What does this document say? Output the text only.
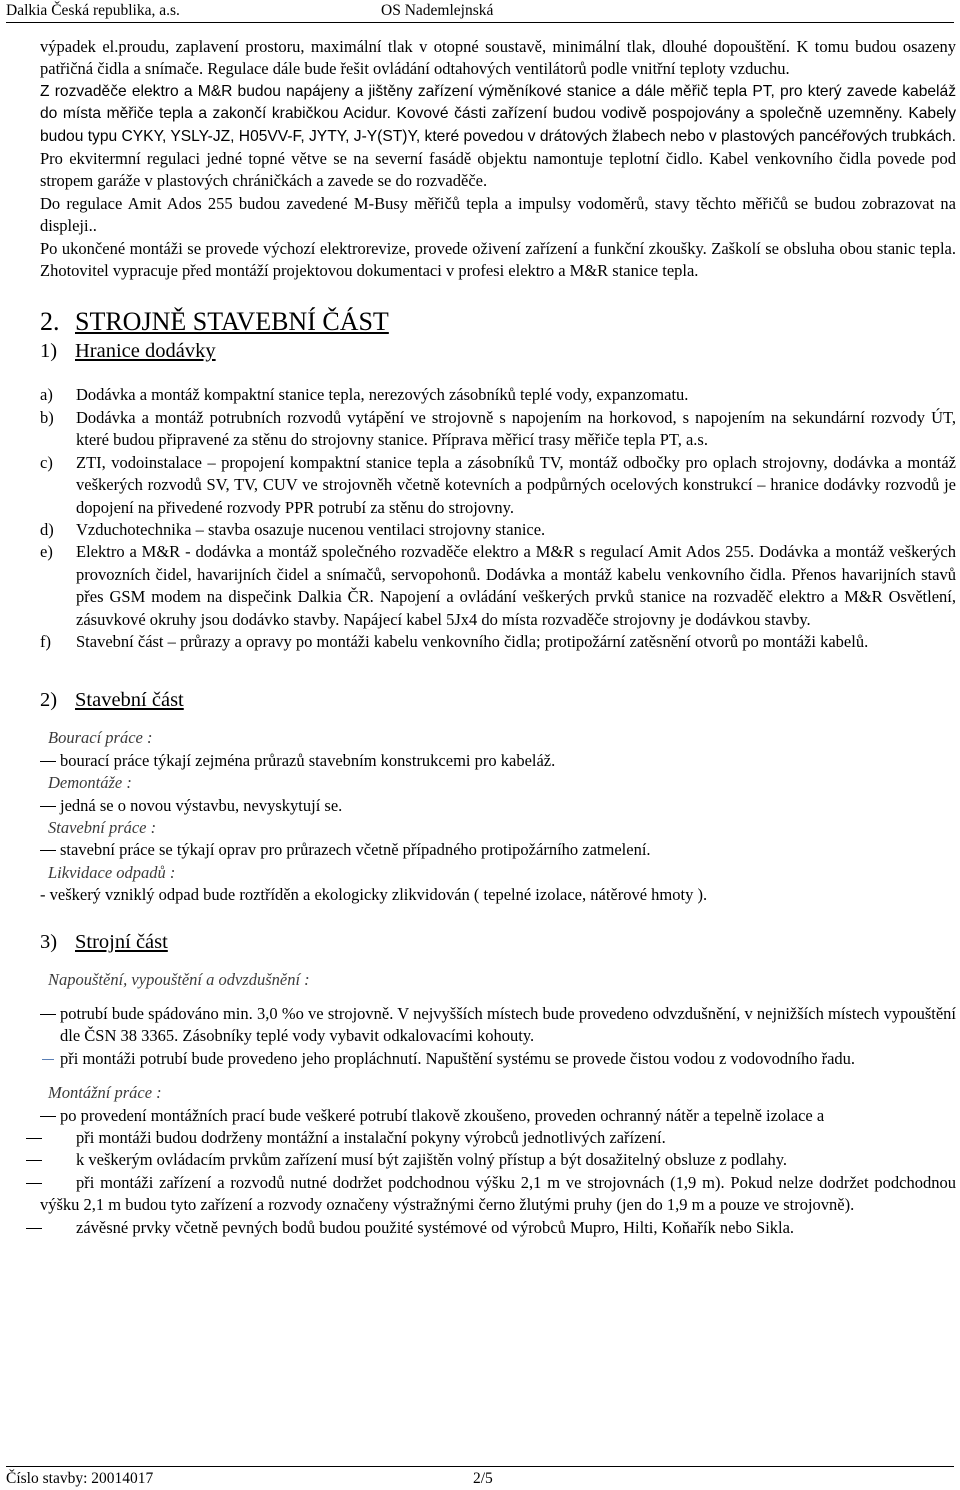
Dalkia Česká republika, a.s.	OS Nademlejnská

výpadek el.proudu, zaplavení prostoru, maximální tlak v otopné soustavě, minimální tlak, dlouhé dopouštění. K tomu budou osazeny patřičná čidla a snímače. Regulace dále bude řešit ovládání odtahových ventilátorů podle vnitřní teploty vzduchu.

Z rozvaděče elektro a M&R budou napájeny a jištěny zařízení výměníkové stanice a dále měřič tepla PT, pro který zavede kabeláž do místa měřiče tepla a zakončí krabičkou Acidur. Kovové části zařízení budou vodivě pospojovány a společně uzemněny. Kabely budou typu CYKY, YSLY-JZ, H05VV-F, JYTY, J-Y(ST)Y, které povedou v drátových žlabech nebo v plastových pancéřových trubkách.

Pro ekvitermní regulaci jedné topné větve se na severní fasádě objektu namontuje teplotní čidlo. Kabel venkovního čidla povede pod stropem garáže v plastových chráničkách a zavede se do rozvaděče.

Do regulace Amit Ados 255 budou zavedené M-Busy měřičů tepla a impulsy vodoměrů, stavy těchto měřičů se budou zobrazovat na displeji..

Po ukončené montáži se provede výchozí elektrorevize, provede oživení zařízení a funkční zkoušky. Zaškolí se obsluha obou stanic tepla. Zhotovitel vypracuje před montáží projektovou dokumentaci v profesi elektro a M&R stanice tepla.

2. STROJNĚ STAVEBNÍ ČÁST
1) Hranice dodávky
a) Dodávka a montáž kompaktní stanice tepla, nerezových zásobníků teplé vody, expanzomatu.
b) Dodávka a montáž potrubních rozvodů vytápění ve strojovně s napojením na horkovod, s napojením na sekundární rozvody ÚT, které budou připravené za stěnu do strojovny stanice. Příprava měřicí trasy měřiče tepla PT, a.s.
c) ZTI, vodoinstalace – propojení kompaktní stanice tepla a zásobníků TV, montáž odbočky pro oplach strojovny, dodávka a montáž veškerých rozvodů SV, TV, CUV ve strojovněh včetně kotevních a podpůrných ocelových konstrukcí – hranice dodávky rozvodů je dopojení na přivedené rozvody PPR potrubí za stěnu do strojovny.
d) Vzduchotechnika – stavba osazuje nucenou ventilaci strojovny stanice.
e) Elektro a M&R - dodávka a montáž společného rozvaděče elektro a M&R s regulací Amit Ados 255. Dodávka a montáž veškerých provozních čidel, havarijních čidel a snímačů, servopohonů. Dodávka a montáž kabelu venkovního čidla. Přenos havarijních stavů přes GSM modem na dispečink Dalkia ČR. Napojení a ovládání veškerých prvků stanice na rozvaděč elektro a M&R Osvětlení, zásuvkové okruhy jsou dodávko stavby. Napájecí kabel 5Jx4 do místa rozvaděče strojovny je dodávkou stavby.
f) Stavební část – průrazy a opravy po montáži kabelu venkovního čidla; protipožární zatěsnění otvorů po montáži kabelů.
2) Stavební část
Bourací práce :
bourací práce týkají zejména průrazů stavebním konstrukcemi pro kabeláž.
Demontáže :
jedná se o novou výstavbu, nevyskytují se.
Stavební práce :
stavební práce se týkají oprav pro průrazech včetně případného protipožárního zatmelení.
Likvidace odpadů :
- veškerý vzniklý odpad bude roztříděn a ekologicky zlikvidován ( tepelné izolace, nátěrové hmoty ).
3) Strojní část
Napouštění, vypouštění a odvzdušnění :
potrubí bude spádováno min. 3,0 %o ve strojovně. V nejvyšších místech bude provedeno odvzdušnění, v nejnižších místech vypouštění dle ČSN 38 3365. Zásobníky teplé vody vybavit odkalovacími kohouty.
při montáži potrubí bude provedeno jeho propláchnutí. Napuštění systému se provede čistou vodou z vodovodního řadu.
Montážní práce :
po provedení montážních prací bude veškeré potrubí tlakově zkoušeno, proveden ochranný nátěr a tepelně izolace a
při montáži budou dodrženy montážní a instalační pokyny výrobců jednotlivých zařízení.
k veškerým ovládacím prvkům zařízení musí být zajištěn volný přístup a být dosažitelný obsluze z podlahy.
při montáži zařízení a rozvodů nutné dodržet podchodnou výšku 2,1 m ve strojovnách (1,9 m). Pokud nelze dodržet podchodnou výšku 2,1 m budou tyto zařízení a rozvody označeny výstražnými černo žlutými pruhy (jen do 1,9 m a pouze ve strojovně).
závěsné prvky včetně pevných bodů budou použité systémové od výrobců Mupro, Hilti, Koňařík nebo Sikla.
Číslo stavby: 20014017	2/5
